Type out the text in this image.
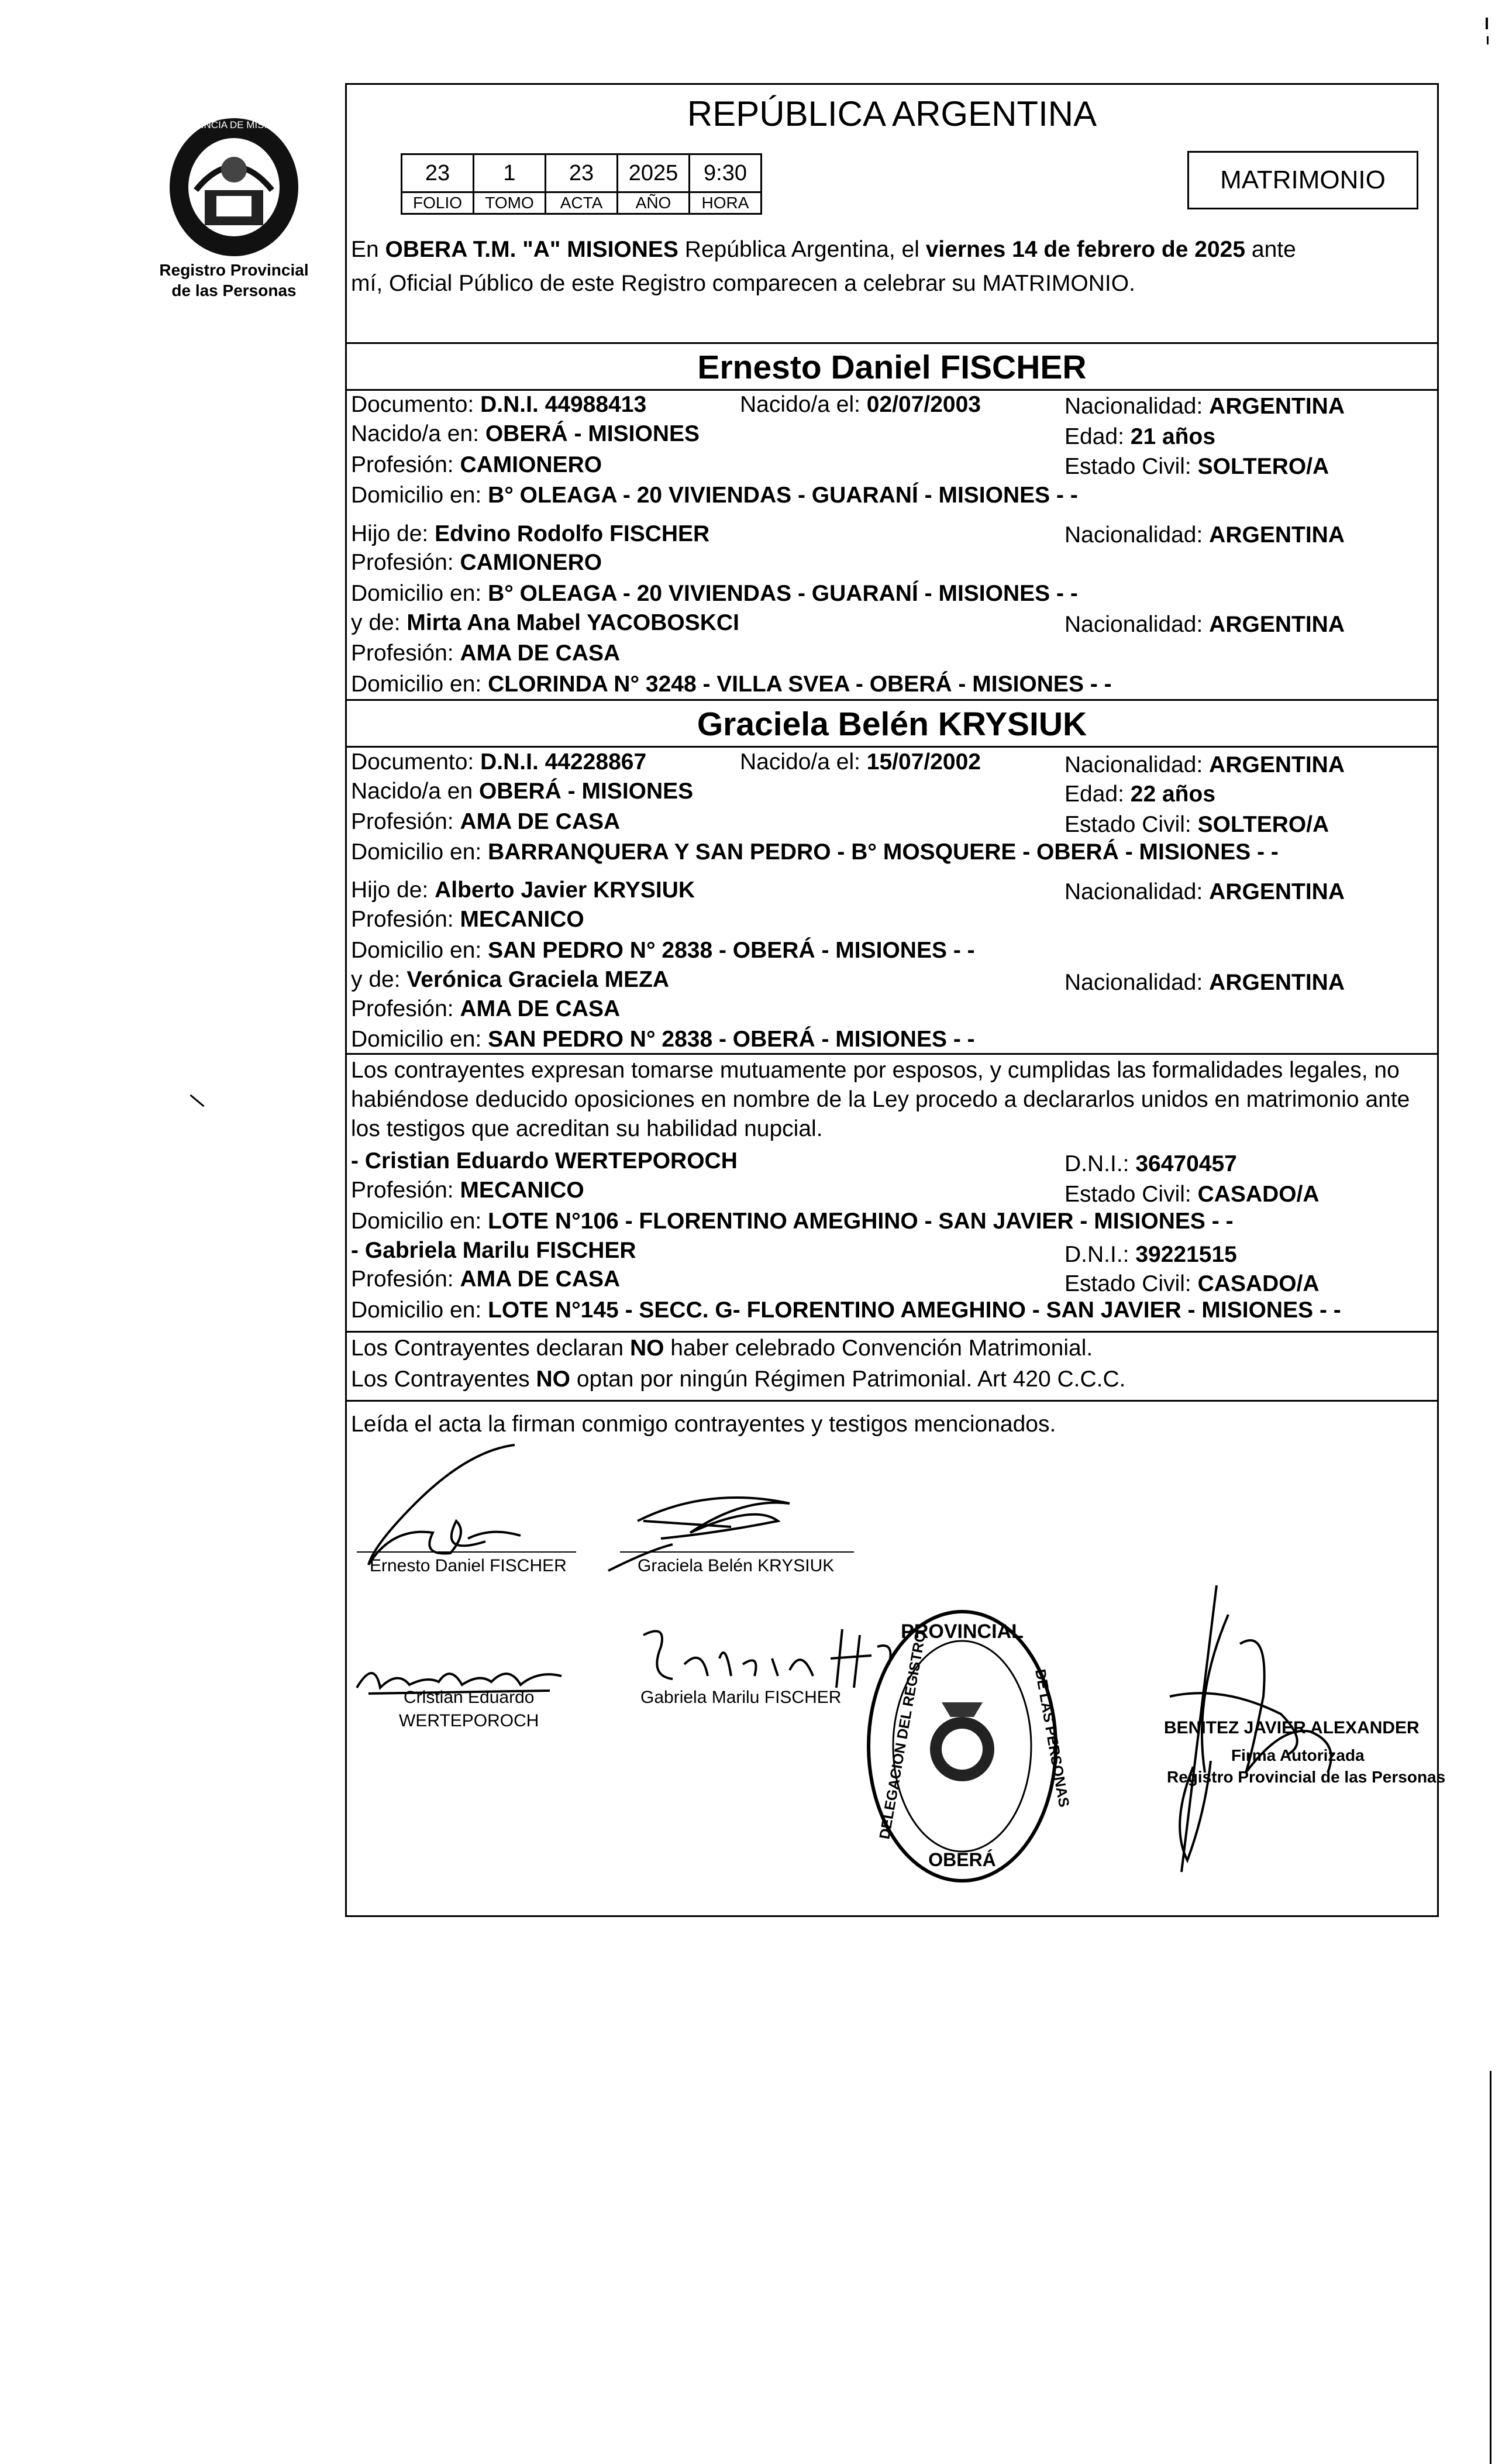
PROVINCIA DE MISIONES
Registro Provincial
de las Personas
REPÚBLICA ARGENTINA
23	1	23	2025	9:30
FOLIO	TOMO	ACTA	AÑO	HORA
MATRIMONIO
En OBERA T.M. "A" MISIONES República Argentina, el viernes 14 de febrero de 2025 ante
mí, Oficial Público de este Registro comparecen a celebrar su MATRIMONIO.
Ernesto Daniel FISCHER
Documento: D.N.I. 44988413	Nacido/a el: 02/07/2003	Nacionalidad: ARGENTINA
Nacido/a en: OBERÁ - MISIONES	Edad: 21 años
Profesión: CAMIONERO	Estado Civil: SOLTERO/A
Domicilio en: B° OLEAGA - 20 VIVIENDAS - GUARANÍ - MISIONES - -
Hijo de: Edvino Rodolfo FISCHER	Nacionalidad: ARGENTINA
Profesión: CAMIONERO
Domicilio en: B° OLEAGA - 20 VIVIENDAS - GUARANÍ - MISIONES - -
y de: Mirta Ana Mabel YACOBOSKCI	Nacionalidad: ARGENTINA
Profesión: AMA DE CASA
Domicilio en: CLORINDA N° 3248 - VILLA SVEA - OBERÁ - MISIONES - -
Graciela Belén KRYSIUK
Documento: D.N.I. 44228867	Nacido/a el: 15/07/2002	Nacionalidad: ARGENTINA
Nacido/a en OBERÁ - MISIONES	Edad: 22 años
Profesión: AMA DE CASA	Estado Civil: SOLTERO/A
Domicilio en: BARRANQUERA Y SAN PEDRO - B° MOSQUERE - OBERÁ - MISIONES - -
Hijo de: Alberto Javier KRYSIUK	Nacionalidad: ARGENTINA
Profesión: MECANICO
Domicilio en: SAN PEDRO N° 2838 - OBERÁ - MISIONES - -
y de: Verónica Graciela MEZA	Nacionalidad: ARGENTINA
Profesión: AMA DE CASA
Domicilio en: SAN PEDRO N° 2838 - OBERÁ - MISIONES - -
Los contrayentes expresan tomarse mutuamente por esposos, y cumplidas las formalidades legales, no
habiéndose deducido oposiciones en nombre de la Ley procedo a declararlos unidos en matrimonio ante
los testigos que acreditan su habilidad nupcial.
- Cristian Eduardo WERTEPOROCH	D.N.I.: 36470457
Profesión: MECANICO	Estado Civil: CASADO/A
Domicilio en: LOTE N°106 - FLORENTINO AMEGHINO - SAN JAVIER - MISIONES - -
- Gabriela Marilu FISCHER	D.N.I.: 39221515
Profesión: AMA DE CASA	Estado Civil: CASADO/A
Domicilio en: LOTE N°145 - SECC. G- FLORENTINO AMEGHINO - SAN JAVIER - MISIONES - -
Los Contrayentes declaran NO haber celebrado Convención Matrimonial.
Los Contrayentes NO optan por ningún Régimen Patrimonial. Art 420 C.C.C.
Leída el acta la firman conmigo contrayentes y testigos mencionados.
Ernesto Daniel FISCHER	Graciela Belén KRYSIUK
Cristian Eduardo
WERTEPOROCH
Gabriela Marilu FISCHER
PROVINCIAL
DELEGACION DEL REGISTRO	DE LAS PERSONAS
OBERÁ
BENITEZ JAVIER ALEXANDER
Firma Autorizada
Registro Provincial de las Personas
